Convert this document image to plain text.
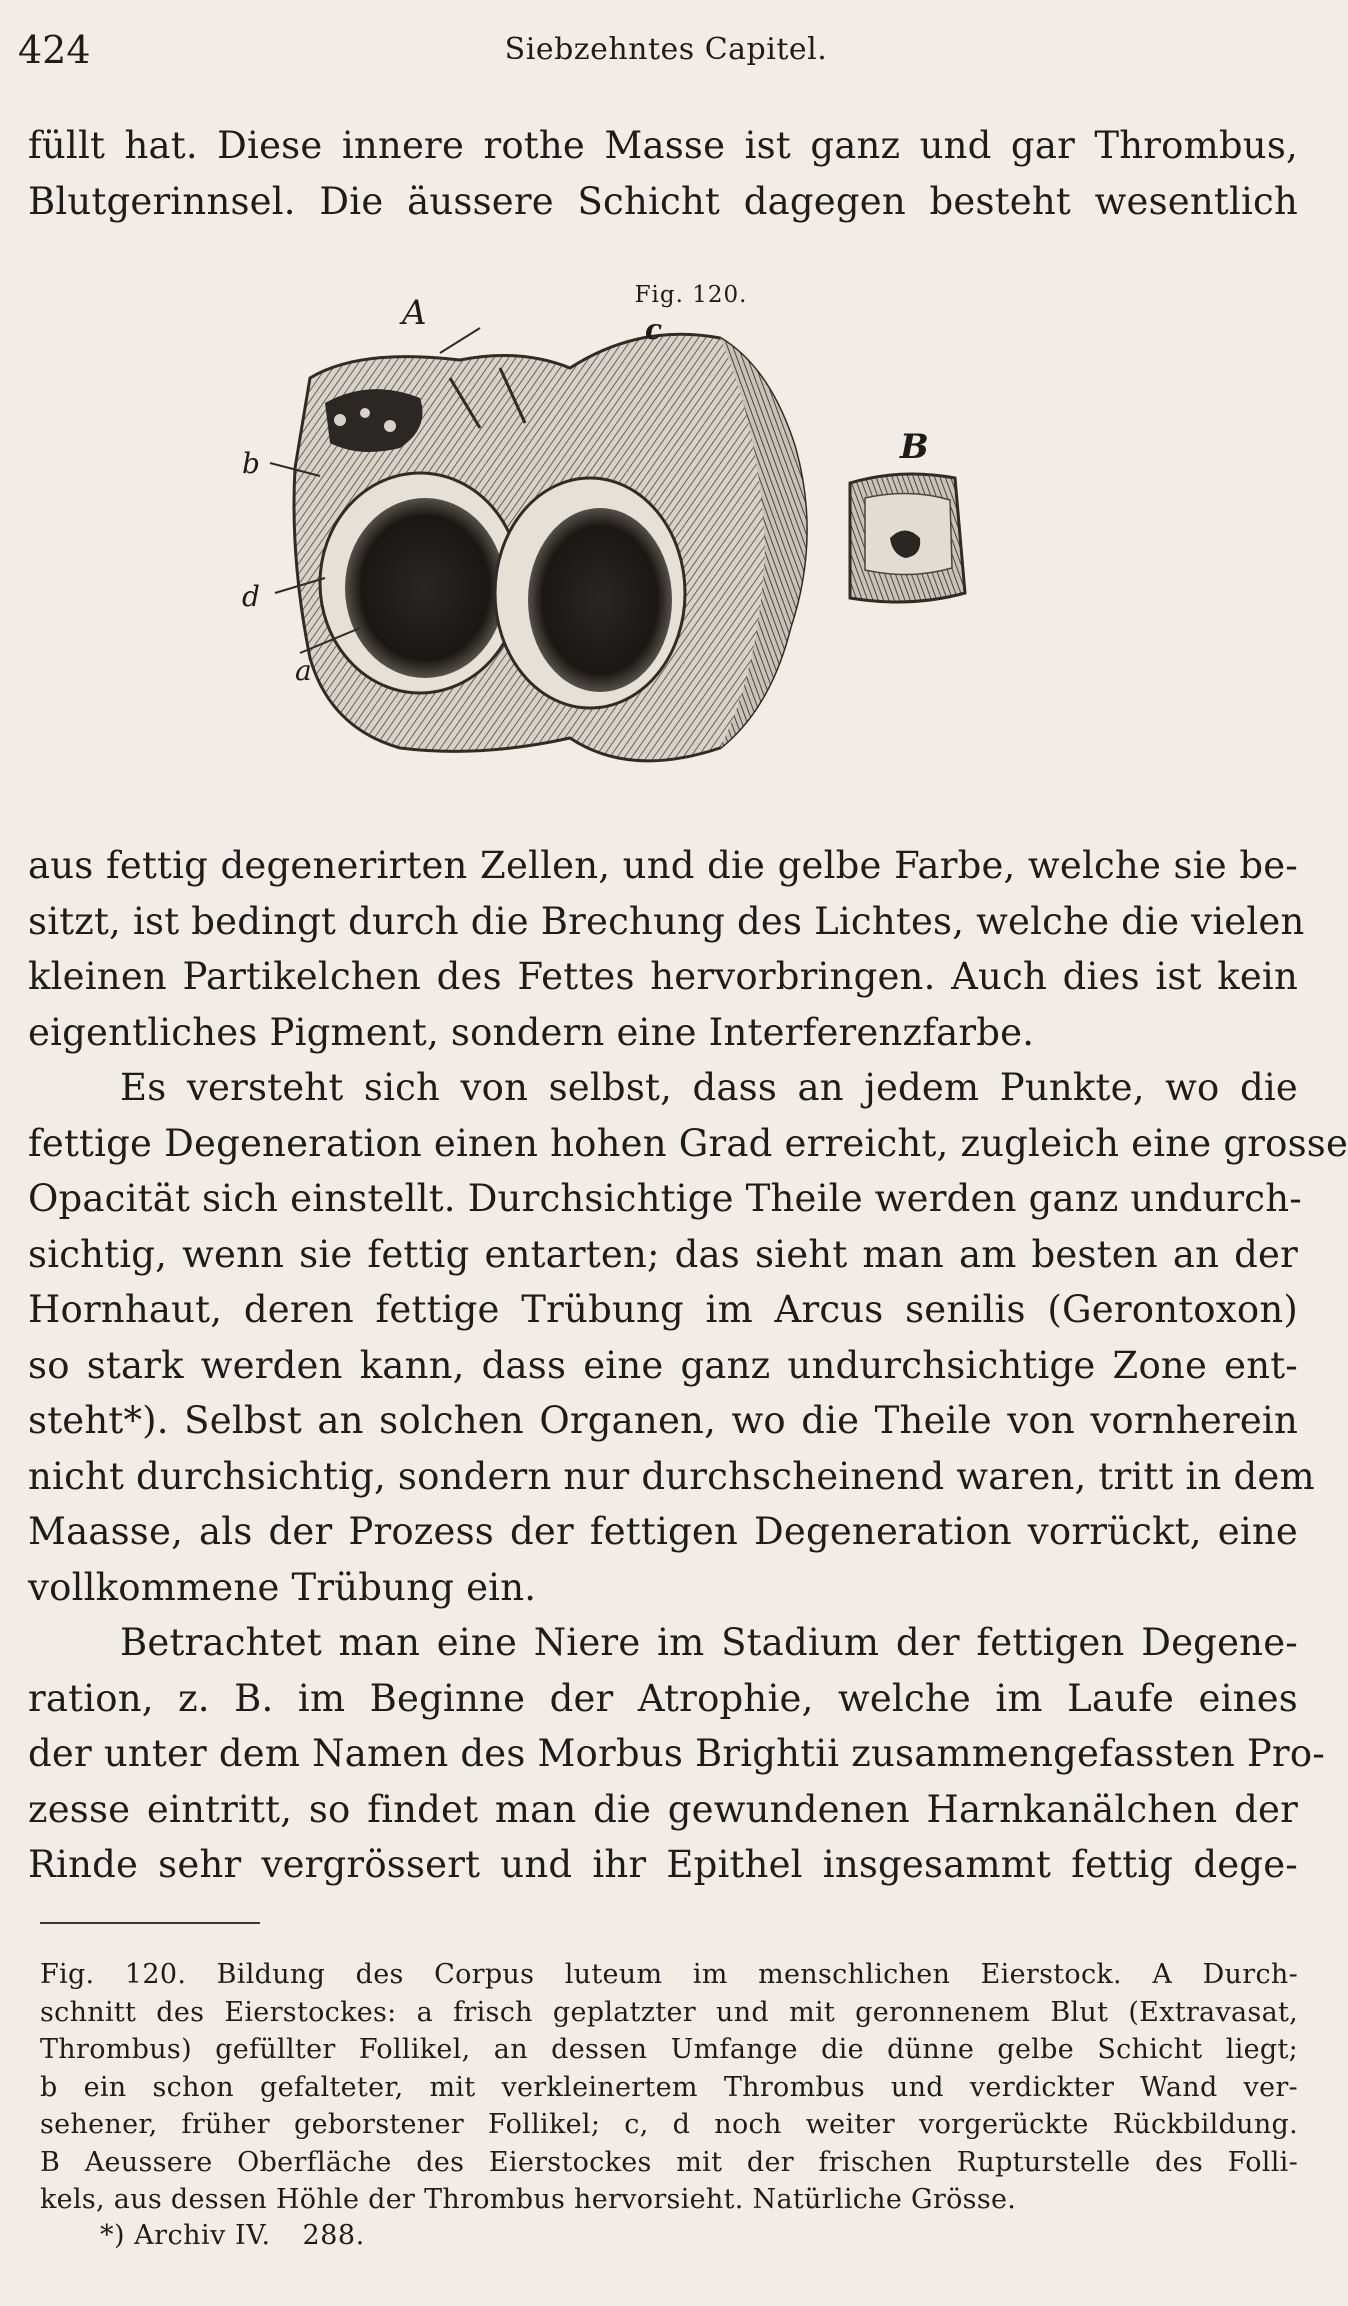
424	Siebzehntes Capitel.
füllt hat. Diese innere rothe Masse ist ganz und gar Thrombus,
Blutgerinnsel. Die äussere Schicht dagegen besteht wesentlich
Fig. 120.
A	c
B
b
d
a
aus fettig degenerirten Zellen, und die gelbe Farbe, welche sie be-
sitzt, ist bedingt durch die Brechung des Lichtes, welche die vielen
kleinen Partikelchen des Fettes hervorbringen. Auch dies ist kein
eigentliches Pigment, sondern eine Interferenzfarbe.
Es versteht sich von selbst, dass an jedem Punkte, wo die
fettige Degeneration einen hohen Grad erreicht, zugleich eine grosse
Opacität sich einstellt. Durchsichtige Theile werden ganz undurch-
sichtig, wenn sie fettig entarten; das sieht man am besten an der
Hornhaut, deren fettige Trübung im Arcus senilis (Gerontoxon)
so stark werden kann, dass eine ganz undurchsichtige Zone ent-
steht*). Selbst an solchen Organen, wo die Theile von vornherein
nicht durchsichtig, sondern nur durchscheinend waren, tritt in dem
Maasse, als der Prozess der fettigen Degeneration vorrückt, eine
vollkommene Trübung ein.
Betrachtet man eine Niere im Stadium der fettigen Degene-
ration, z. B. im Beginne der Atrophie, welche im Laufe eines
der unter dem Namen des Morbus Brightii zusammengefassten Pro-
zesse eintritt, so findet man die gewundenen Harnkanälchen der
Rinde sehr vergrössert und ihr Epithel insgesammt fettig dege-
Fig. 120. Bildung des Corpus luteum im menschlichen Eierstock. A Durch-
schnitt des Eierstockes: a frisch geplatzter und mit geronnenem Blut (Extravasat,
Thrombus) gefüllter Follikel, an dessen Umfange die dünne gelbe Schicht liegt;
b ein schon gefalteter, mit verkleinertem Thrombus und verdickter Wand ver-
sehener, früher geborstener Follikel; c, d noch weiter vorgerückte Rückbildung.
B Aeussere Oberfläche des Eierstockes mit der frischen Rupturstelle des Folli-
kels, aus dessen Höhle der Thrombus hervorsieht. Natürliche Grösse.
*) Archiv IV. 288.
